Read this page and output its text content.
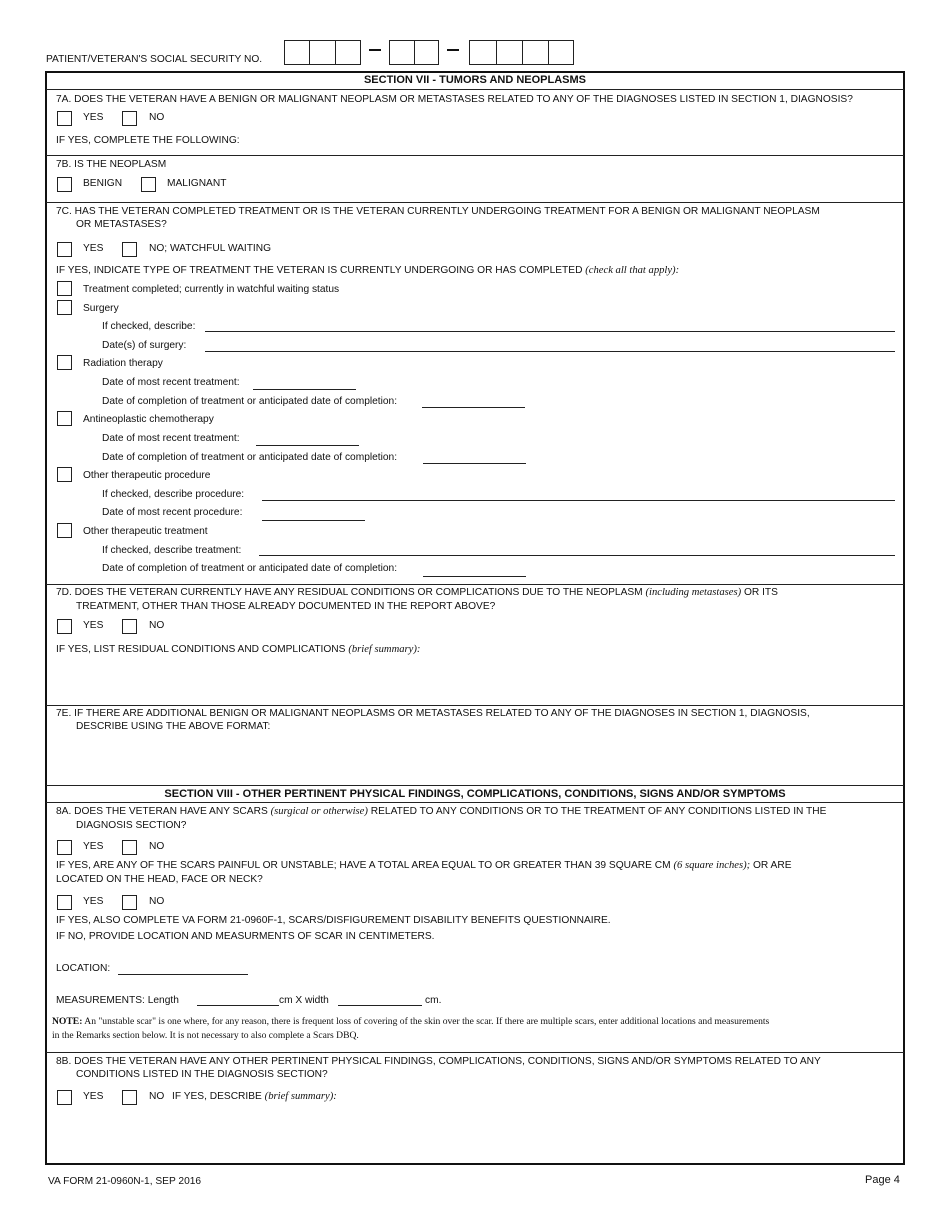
PATIENT/VETERAN'S SOCIAL SECURITY NO.
SECTION VII - TUMORS AND NEOPLASMS
7A. DOES THE VETERAN HAVE A BENIGN OR MALIGNANT NEOPLASM OR METASTASES RELATED TO ANY OF THE DIAGNOSES LISTED IN SECTION 1, DIAGNOSIS?
YES	NO
IF YES, COMPLETE THE FOLLOWING:
7B. IS THE NEOPLASM
BENIGN	MALIGNANT
7C. HAS THE VETERAN COMPLETED TREATMENT OR IS THE VETERAN CURRENTLY UNDERGOING TREATMENT FOR A BENIGN OR MALIGNANT NEOPLASM
OR METASTASES?
YES	NO; WATCHFUL WAITING
IF YES, INDICATE TYPE OF TREATMENT THE VETERAN IS CURRENTLY UNDERGOING OR HAS COMPLETED (check all that apply):
Treatment completed; currently in watchful waiting status
Surgery
If checked, describe:
Date(s) of surgery:
Radiation therapy
Date of most recent treatment:
Date of completion of treatment or anticipated date of completion:
Antineoplastic chemotherapy
Date of most recent treatment:
Date of completion of treatment or anticipated date of completion:
Other therapeutic procedure
If checked, describe procedure:
Date of most recent procedure:
Other therapeutic treatment
If checked, describe treatment:
Date of completion of treatment or anticipated date of completion:
7D. DOES THE VETERAN CURRENTLY HAVE ANY RESIDUAL CONDITIONS OR COMPLICATIONS DUE TO THE NEOPLASM (including metastases) OR ITS
TREATMENT, OTHER THAN THOSE ALREADY DOCUMENTED IN THE REPORT ABOVE?
YES	NO
IF YES, LIST RESIDUAL CONDITIONS AND COMPLICATIONS (brief summary):
7E. IF THERE ARE ADDITIONAL BENIGN OR MALIGNANT NEOPLASMS OR METASTASES RELATED TO ANY OF THE DIAGNOSES IN SECTION 1, DIAGNOSIS,
DESCRIBE USING THE ABOVE FORMAT:
SECTION VIII - OTHER PERTINENT PHYSICAL FINDINGS, COMPLICATIONS, CONDITIONS, SIGNS AND/OR SYMPTOMS
8A. DOES THE VETERAN HAVE ANY SCARS (surgical or otherwise) RELATED TO ANY CONDITIONS OR TO THE TREATMENT OF ANY CONDITIONS LISTED IN THE
DIAGNOSIS SECTION?
YES	NO
IF YES, ARE ANY OF THE SCARS PAINFUL OR UNSTABLE; HAVE A TOTAL AREA EQUAL TO OR GREATER THAN 39 SQUARE CM (6 square inches); OR ARE
LOCATED ON THE HEAD, FACE OR NECK?
YES	NO
IF YES, ALSO COMPLETE VA FORM 21-0960F-1, SCARS/DISFIGUREMENT DISABILITY BENEFITS QUESTIONNAIRE.
IF NO, PROVIDE LOCATION AND MEASURMENTS OF SCAR IN CENTIMETERS.
LOCATION:
MEASUREMENTS: Length	cm X width	cm.
NOTE: An "unstable scar" is one where, for any reason, there is frequent loss of covering of the skin over the scar. If there are multiple scars, enter additional locations and measurements
in the Remarks section below. It is not necessary to also complete a Scars DBQ.
8B. DOES THE VETERAN HAVE ANY OTHER PERTINENT PHYSICAL FINDINGS, COMPLICATIONS, CONDITIONS, SIGNS AND/OR SYMPTOMS RELATED TO ANY
CONDITIONS LISTED IN THE DIAGNOSIS SECTION?
YES	NO IF YES, DESCRIBE (brief summary):
VA FORM 21-0960N-1, SEP 2016	Page 4
